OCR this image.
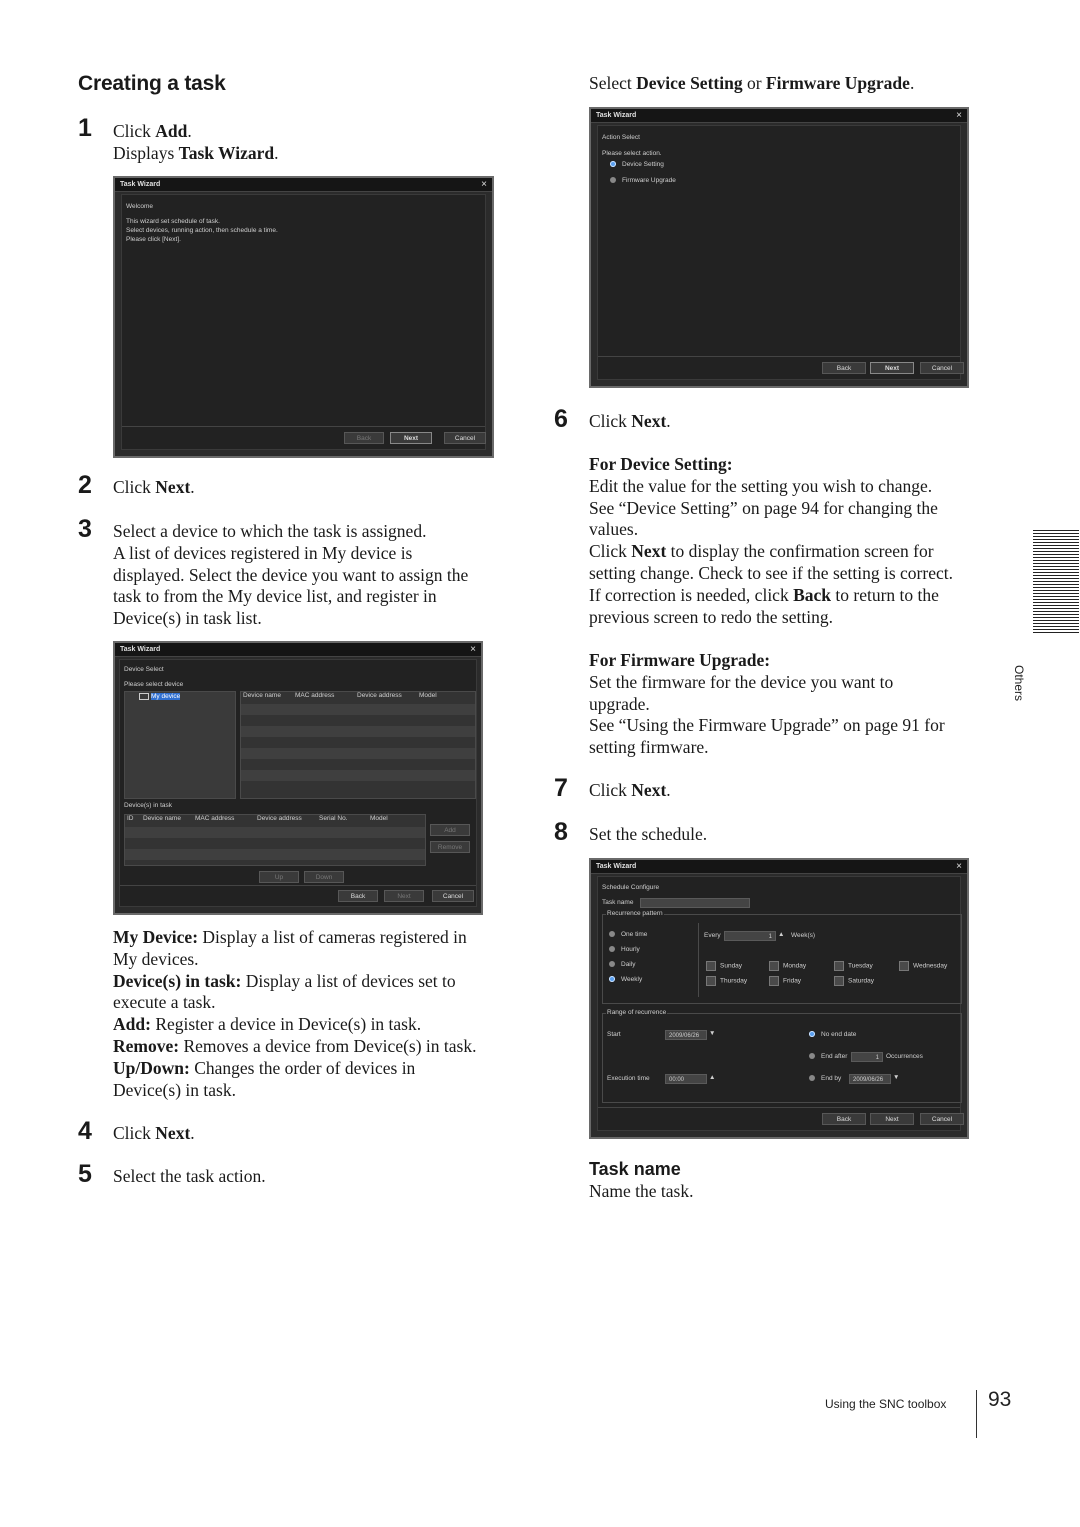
Creating a task
1 Click Add.
Displays Task Wizard.
Task Wizard	×
Welcome
This wizard set schedule of task.
Select devices, running action, then schedule a time.
Please click [Next].
Back	Next	Cancel
2 Click Next.
3 Select a device to which the task is assigned.
A list of devices registered in My device is
displayed. Select the device you want to assign the
task to from the My device list, and register in
Device(s) in task list.
Task Wizard	×
Device Select
Please select device
My device	Device name MAC address	Device address	Model
Device(s) in task
ID Device name MAC address	Device address	Serial No.	Model
Add
Remove
Up	Down
Back	Next	Cancel
My Device: Display a list of cameras registered in
My devices.
Device(s) in task: Display a list of devices set to
execute a task.
Add: Register a device in Device(s) in task.
Remove: Removes a device from Device(s) in task.
Up/Down: Changes the order of devices in
Device(s) in task.
4 Click Next.
5 Select the task action.
Select Device Setting or Firmware Upgrade.
Task Wizard	×
Action Select
Please select action.
Device Setting
Firmware Upgrade
Back	Next	Cancel
6 Click Next.
For Device Setting:
Edit the value for the setting you wish to change.
See “Device Setting” on page 94 for changing the
values.
Click Next to display the confirmation screen for
setting change. Check to see if the setting is correct.
If correction is needed, click Back to return to the
previous screen to redo the setting.
For Firmware Upgrade:
Set the firmware for the device you want to
upgrade.
See “Using the Firmware Upgrade” on page 91 for
setting firmware.
7 Click Next.
8 Set the schedule.
Task Wizard	×
Schedule Configure
Task name
Recurrence pattern
One time
Hourly
Daily
Weekly
Every	1 ▲ Week(s)
Sunday	Monday	Tuesday	Wednesday
Thursday	Friday	Saturday
Range of recurrence
Start	2009/06/26	▼
Execution time	00:00	▲
No end date
End after	1	Occurrences
End by	2009/06/26	▼
Back	Next	Cancel
Task name
Name the task.
Others
Using the SNC toolbox 93
